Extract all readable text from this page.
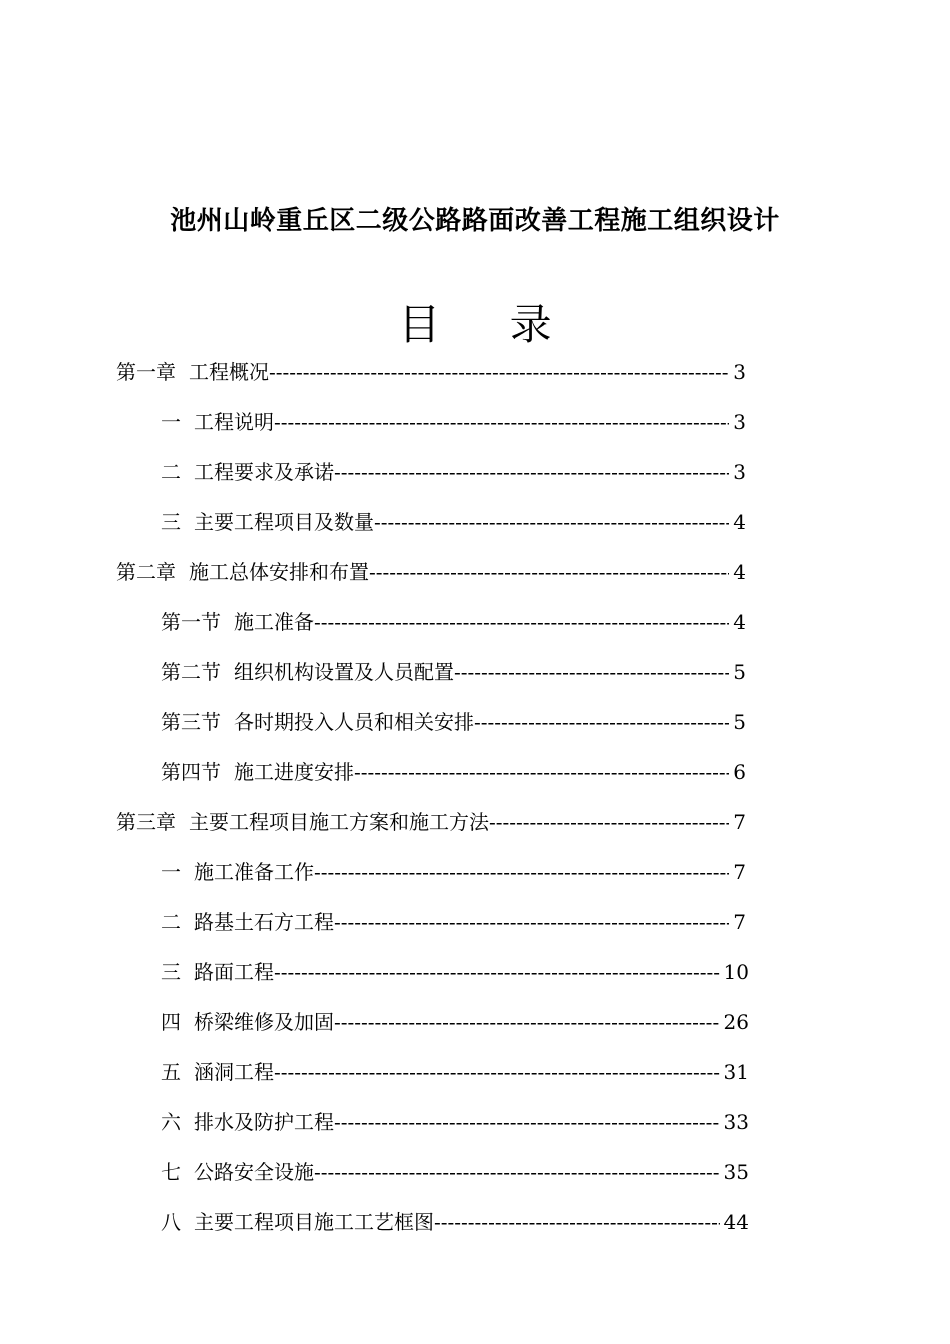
池州山岭重丘区二级公路路面改善工程施工组织设计
目 录
第一章 工程概况 -----	3
一 工程说明 -----	3
二 工程要求及承诺 -----	3
三 主要工程项目及数量 -----	4
第二章 施工总体安排和布置 -----	4
第一节 施工准备 -----	4
第二节 组织机构设置及人员配置 -----	5
第三节 各时期投入人员和相关安排 -----	5
第四节 施工进度安排 -----	6
第三章 主要工程项目施工方案和施工方法 -----	7
一 施工准备工作 -----	7
二 路基土石方工程 -----	7
三 路面工程 -----	10
四 桥梁维修及加固 -----	26
五 涵洞工程 -----	31
六 排水及防护工程 -----	33
七 公路安全设施 -----	35
八 主要工程项目施工工艺框图 -----	44
